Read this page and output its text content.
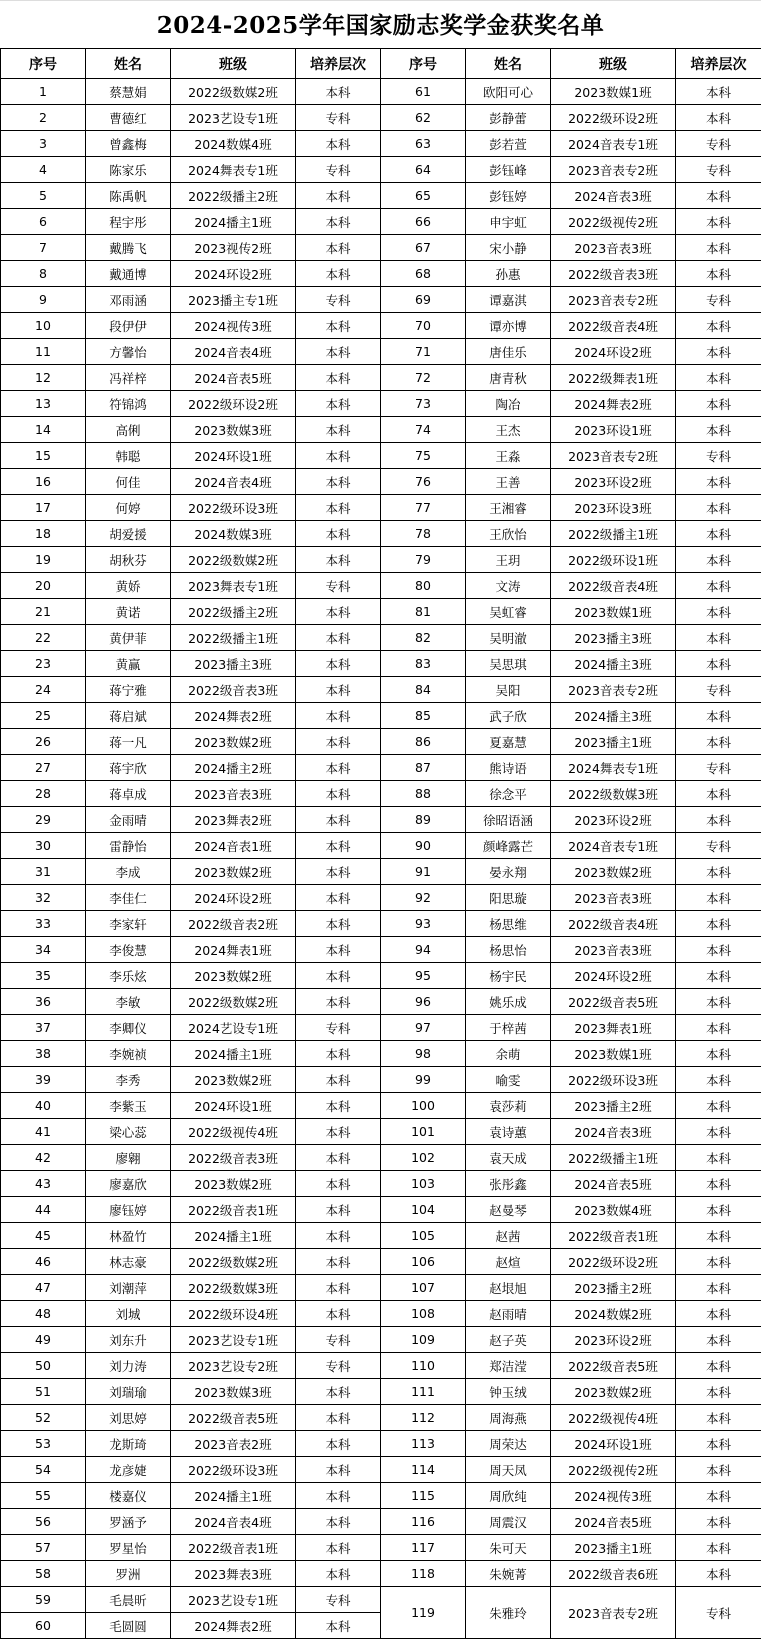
2024-2025学年国家励志奖学金获奖名单
序号	姓名	班级	培养层次	序号	姓名	班级	培养层次
1	蔡慧娟	2022级数媒2班	本科	61	欧阳可心	2023数媒1班	本科
2	曹德红	2023艺设专1班	专科	62	彭静蕾	2022级环设2班	本科
3	曾鑫梅	2024数媒4班	本科	63	彭若萱	2024音表专1班	专科
4	陈家乐	2024舞表专1班	专科	64	彭钰峰	2023音表专2班	专科
5	陈禹帆	2022级播主2班	本科	65	彭钰婷	2024音表3班	本科
6	程宇彤	2024播主1班	本科	66	申宇虹	2022级视传2班	本科
7	戴腾飞	2023视传2班	本科	67	宋小静	2023音表3班	本科
8	戴通博	2024环设2班	本科	68	孙惠	2022级音表3班	本科
9	邓雨涵	2023播主专1班	专科	69	谭嘉淇	2023音表专2班	专科
10	段伊伊	2024视传3班	本科	70	谭亦博	2022级音表4班	本科
11	方馨怡	2024音表4班	本科	71	唐佳乐	2024环设2班	本科
12	冯祥梓	2024音表5班	本科	72	唐青秋	2022级舞表1班	本科
13	符锦鸿	2022级环设2班	本科	73	陶冶	2024舞表2班	本科
14	高俐	2023数媒3班	本科	74	王杰	2023环设1班	本科
15	韩聪	2024环设1班	本科	75	王淼	2023音表专2班	专科
16	何佳	2024音表4班	本科	76	王善	2023环设2班	本科
17	何婷	2022级环设3班	本科	77	王湘睿	2023环设3班	本科
18	胡爱援	2024数媒3班	本科	78	王欣怡	2022级播主1班	本科
19	胡秋芬	2022级数媒2班	本科	79	王玥	2022级环设1班	本科
20	黄娇	2023舞表专1班	专科	80	文涛	2022级音表4班	本科
21	黄诺	2022级播主2班	本科	81	吴虹睿	2023数媒1班	本科
22	黄伊菲	2022级播主1班	本科	82	吴明澈	2023播主3班	本科
23	黄赢	2023播主3班	本科	83	吴思琪	2024播主3班	本科
24	蒋宁雅	2022级音表3班	本科	84	吴阳	2023音表专2班	专科
25	蒋启斌	2024舞表2班	本科	85	武子欣	2024播主3班	本科
26	蒋一凡	2023数媒2班	本科	86	夏嘉慧	2023播主1班	本科
27	蒋宇欣	2024播主2班	本科	87	熊诗语	2024舞表专1班	专科
28	蒋卓成	2023音表3班	本科	88	徐念平	2022级数媒3班	本科
29	金雨晴	2023舞表2班	本科	89	徐昭语涵	2023环设2班	本科
30	雷静怡	2024音表1班	本科	90	颜峰露芒	2024音表专1班	专科
31	李成	2023数媒2班	本科	91	晏永翔	2023数媒2班	本科
32	李佳仁	2024环设2班	本科	92	阳思璇	2023音表3班	本科
33	李家轩	2022级音表2班	本科	93	杨思维	2022级音表4班	本科
34	李俊慧	2024舞表1班	本科	94	杨思怡	2023音表3班	本科
35	李乐炫	2023数媒2班	本科	95	杨宇民	2024环设2班	本科
36	李敏	2022级数媒2班	本科	96	姚乐成	2022级音表5班	本科
37	李卿仪	2024艺设专1班	专科	97	于梓茜	2023舞表1班	本科
38	李婉祯	2024播主1班	本科	98	余萌	2023数媒1班	本科
39	李秀	2023数媒2班	本科	99	喻雯	2022级环设3班	本科
40	李紫玉	2024环设1班	本科	100	袁莎莉	2023播主2班	本科
41	梁心蕊	2022级视传4班	本科	101	袁诗蕙	2024音表3班	本科
42	廖翱	2022级音表3班	本科	102	袁天成	2022级播主1班	本科
43	廖嘉欣	2023数媒2班	本科	103	张彤鑫	2024音表5班	本科
44	廖钰婷	2022级音表1班	本科	104	赵曼琴	2023数媒4班	本科
45	林盈竹	2024播主1班	本科	105	赵茜	2022级音表1班	本科
46	林志豪	2022级数媒2班	本科	106	赵煊	2022级环设2班	本科
47	刘潮萍	2022级数媒3班	本科	107	赵垠旭	2023播主2班	本科
48	刘城	2022级环设4班	本科	108	赵雨晴	2024数媒2班	本科
49	刘东升	2023艺设专1班	专科	109	赵子英	2023环设2班	本科
50	刘力涛	2023艺设专2班	专科	110	郑洁滢	2022级音表5班	本科
51	刘瑞瑜	2023数媒3班	本科	111	钟玉绒	2023数媒2班	本科
52	刘思婷	2022级音表5班	本科	112	周海燕	2022级视传4班	本科
53	龙斯琦	2023音表2班	本科	113	周荣达	2024环设1班	本科
54	龙彦婕	2022级环设3班	本科	114	周天凤	2022级视传2班	本科
55	楼嘉仪	2024播主1班	本科	115	周欣纯	2024视传3班	本科
56	罗涵予	2024音表4班	本科	116	周震汉	2024音表5班	本科
57	罗星怡	2022级音表1班	本科	117	朱可天	2023播主1班	本科
58	罗洲	2023舞表3班	本科	118	朱婉菁	2022级音表6班	本科
59	毛晨昕	2023艺设专1班	专科	119	朱雅玲	2023音表专2班	专科
60	毛圆圆	2024舞表2班	本科				
